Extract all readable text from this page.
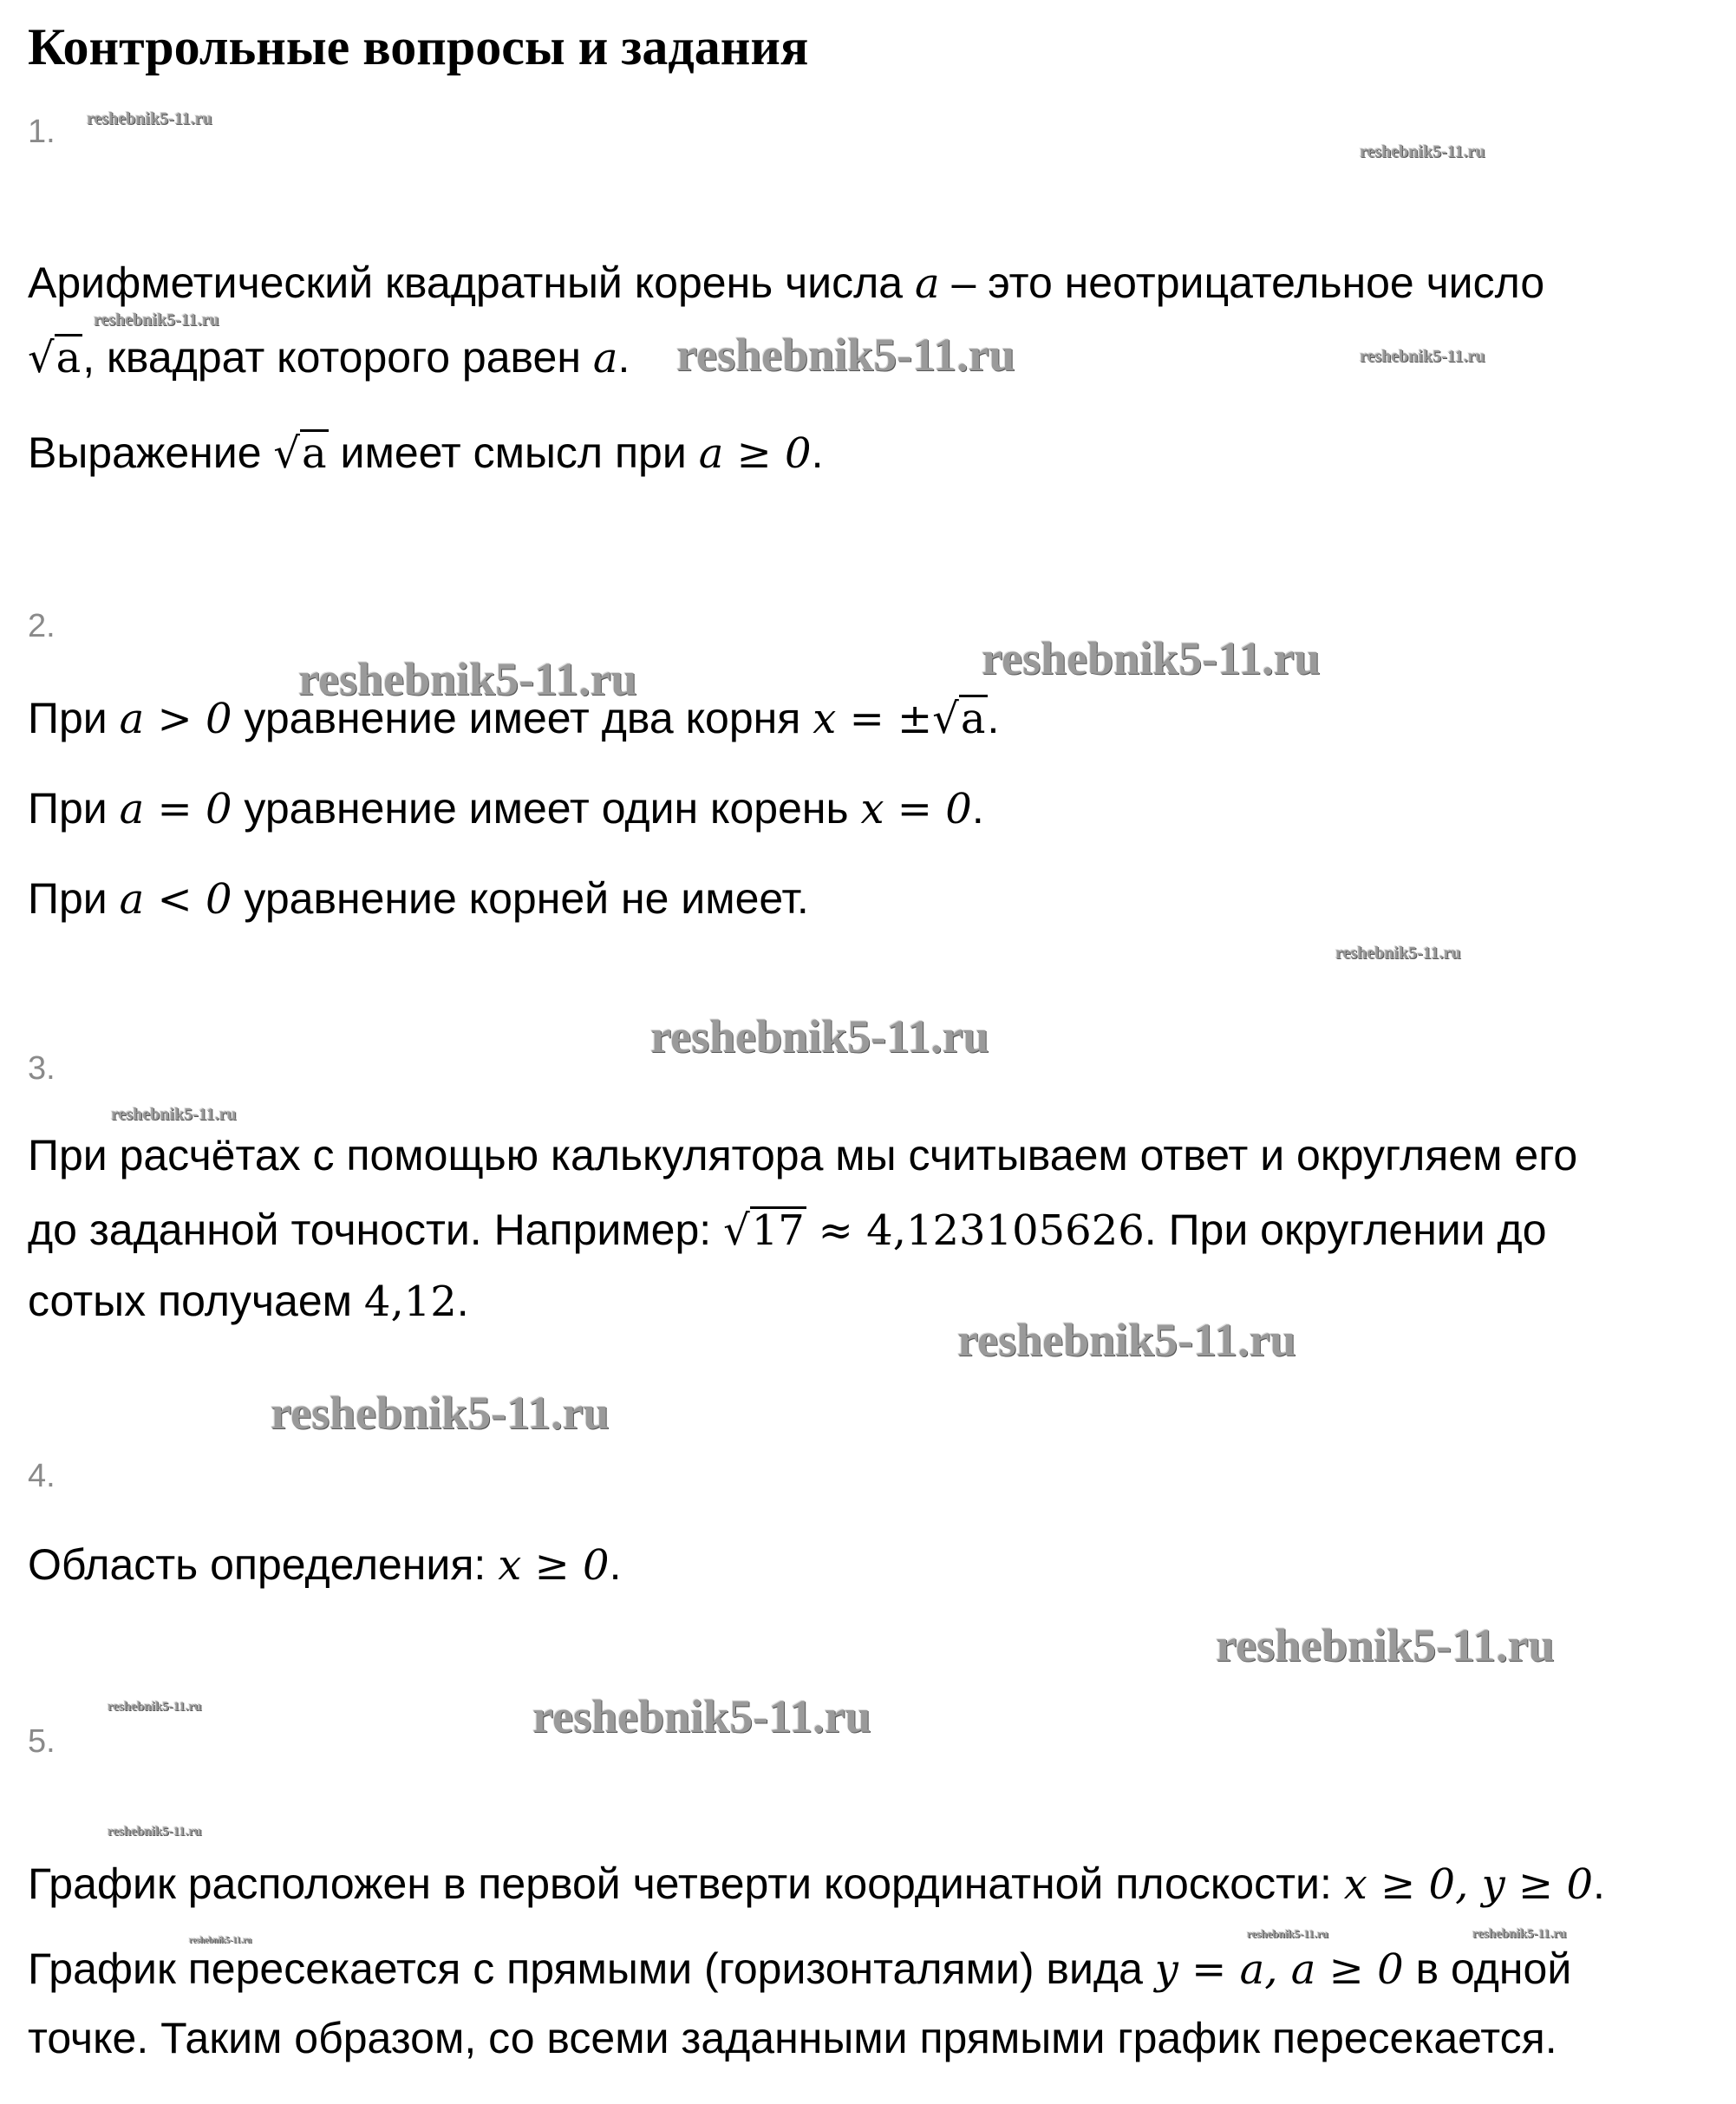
Контрольные вопросы и задания
1.
Арифметический квадратный корень числа a – это неотрицательное число
√a, квадрат которого равен a.
Выражение √a имеет смысл при a ≥ 0.
2.
При a > 0 уравнение имеет два корня x = ±√a.
При a = 0 уравнение имеет один корень x = 0.
При a < 0 уравнение корней не имеет.
3.
При расчётах с помощью калькулятора мы считываем ответ и округляем его
до заданной точности. Например: √17 ≈ 4,123105626. При округлении до
сотых получаем 4,12.
4.
Область определения: x ≥ 0.
5.
График расположен в первой четверти координатной плоскости: x ≥ 0, y ≥ 0.
График пересекается с прямыми (горизонталями) вида y = a, a ≥ 0 в одной
точке. Таким образом, со всеми заданными прямыми график пересекается.
reshebnik5-11.ru
reshebnik5-11.ru
reshebnik5-11.ru
reshebnik5-11.ru	reshebnik5-11.ru
reshebnik5-11.ru	reshebnik5-11.ru
reshebnik5-11.ru
reshebnik5-11.ru
reshebnik5-11.ru
reshebnik5-11.ru
reshebnik5-11.ru
reshebnik5-11.ru
reshebnik5-11.ru	reshebnik5-11.ru
reshebnik5-11.ru
reshebnik5-11.ru
reshebnik5-11.ru	reshebnik5-11.ru
